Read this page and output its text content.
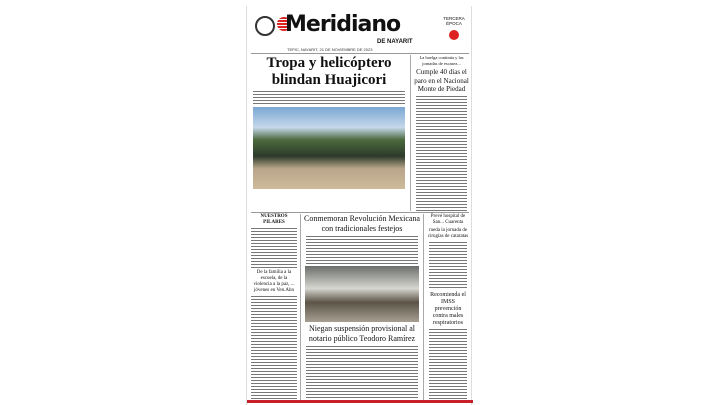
Meridiano
DE NAYARIT
TERCERA ÉPOCA
TEPIC, NAYARIT, 21 DE NOVIEMBRE DE 2023
Tropa y helicóptero blindan Huajicori
La huelga continúa y las jornadas de escasez...
Cumple 40 días el paro en el Nacional Monte de Piedad
NUESTROS PILARES
De la familia a la escuela, de la violencia a la paz, ... jóvenes en Ven.Ahn
Conmemoran Revolución Mexicana con tradicionales festejos
Niegan suspensión provisional al notario público Teodoro Ramírez
Prevé hospital de San... Cuarenta
rueda la jornada de cirugías de cataratas
Recomienda el IMSS prevención contra males respiratorios
